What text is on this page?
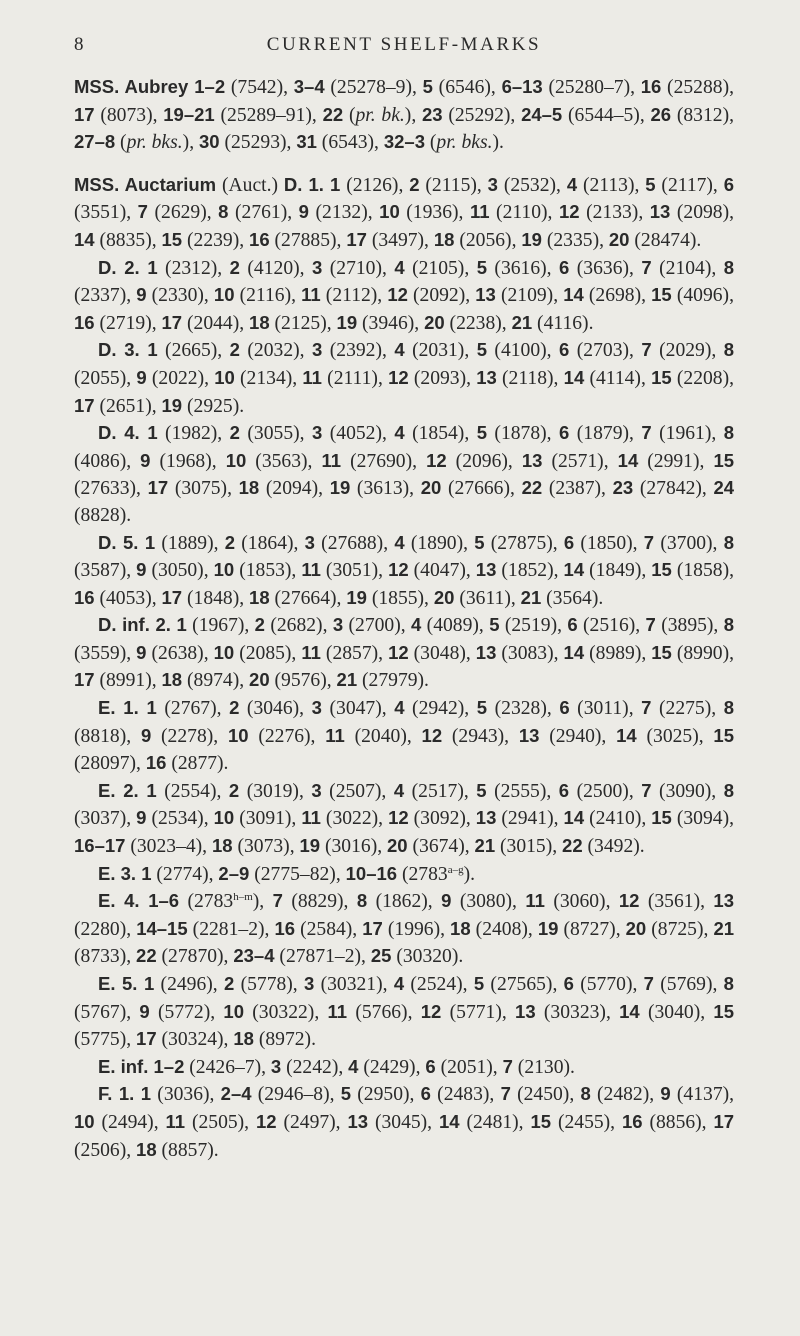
8	CURRENT SHELF-MARKS

MSS. Aubrey 1–2 (7542), 3–4 (25278–9), 5 (6546), 6–13 (25280–7), 16 (25288), 17 (8073), 19–21 (25289–91), 22 (pr. bk.), 23 (25292), 24–5 (6544–5), 26 (8312), 27–8 (pr. bks.), 30 (25293), 31 (6543), 32–3 (pr. bks.).

MSS. Auctarium (Auct.) D. 1. 1 (2126), 2 (2115), 3 (2532), 4 (2113), 5 (2117), 6 (3551), 7 (2629), 8 (2761), 9 (2132), 10 (1936), 11 (2110), 12 (2133), 13 (2098), 14 (8835), 15 (2239), 16 (27885), 17 (3497), 18 (2056), 19 (2335), 20 (28474).

D. 2. 1 (2312), 2 (4120), 3 (2710), 4 (2105), 5 (3616), 6 (3636), 7 (2104), 8 (2337), 9 (2330), 10 (2116), 11 (2112), 12 (2092), 13 (2109), 14 (2698), 15 (4096), 16 (2719), 17 (2044), 18 (2125), 19 (3946), 20 (2238), 21 (4116).

D. 3. 1 (2665), 2 (2032), 3 (2392), 4 (2031), 5 (4100), 6 (2703), 7 (2029), 8 (2055), 9 (2022), 10 (2134), 11 (2111), 12 (2093), 13 (2118), 14 (4114), 15 (2208), 17 (2651), 19 (2925).

D. 4. 1 (1982), 2 (3055), 3 (4052), 4 (1854), 5 (1878), 6 (1879), 7 (1961), 8 (4086), 9 (1968), 10 (3563), 11 (27690), 12 (2096), 13 (2571), 14 (2991), 15 (27633), 17 (3075), 18 (2094), 19 (3613), 20 (27666), 22 (2387), 23 (27842), 24 (8828).

D. 5. 1 (1889), 2 (1864), 3 (27688), 4 (1890), 5 (27875), 6 (1850), 7 (3700), 8 (3587), 9 (3050), 10 (1853), 11 (3051), 12 (4047), 13 (1852), 14 (1849), 15 (1858), 16 (4053), 17 (1848), 18 (27664), 19 (1855), 20 (3611), 21 (3564).

D. inf. 2. 1 (1967), 2 (2682), 3 (2700), 4 (4089), 5 (2519), 6 (2516), 7 (3895), 8 (3559), 9 (2638), 10 (2085), 11 (2857), 12 (3048), 13 (3083), 14 (8989), 15 (8990), 17 (8991), 18 (8974), 20 (9576), 21 (27979).

E. 1. 1 (2767), 2 (3046), 3 (3047), 4 (2942), 5 (2328), 6 (3011), 7 (2275), 8 (8818), 9 (2278), 10 (2276), 11 (2040), 12 (2943), 13 (2940), 14 (3025), 15 (28097), 16 (2877).

E. 2. 1 (2554), 2 (3019), 3 (2507), 4 (2517), 5 (2555), 6 (2500), 7 (3090), 8 (3037), 9 (2534), 10 (3091), 11 (3022), 12 (3092), 13 (2941), 14 (2410), 15 (3094), 16–17 (3023–4), 18 (3073), 19 (3016), 20 (3674), 21 (3015), 22 (3492).

E. 3. 1 (2774), 2–9 (2775–82), 10–16 (2783$^{a-g}$).

E. 4. 1–6 (2783$^{h-m}$), 7 (8829), 8 (1862), 9 (3080), 11 (3060), 12 (3561), 13 (2280), 14–15 (2281–2), 16 (2584), 17 (1996), 18 (2408), 19 (8727), 20 (8725), 21 (8733), 22 (27870), 23–4 (27871–2), 25 (30320).

E. 5. 1 (2496), 2 (5778), 3 (30321), 4 (2524), 5 (27565), 6 (5770), 7 (5769), 8 (5767), 9 (5772), 10 (30322), 11 (5766), 12 (5771), 13 (30323), 14 (3040), 15 (5775), 17 (30324), 18 (8972).

E. inf. 1–2 (2426–7), 3 (2242), 4 (2429), 6 (2051), 7 (2130).

F. 1. 1 (3036), 2–4 (2946–8), 5 (2950), 6 (2483), 7 (2450), 8 (2482), 9 (4137), 10 (2494), 11 (2505), 12 (2497), 13 (3045), 14 (2481), 15 (2455), 16 (8856), 17 (2506), 18 (8857).
